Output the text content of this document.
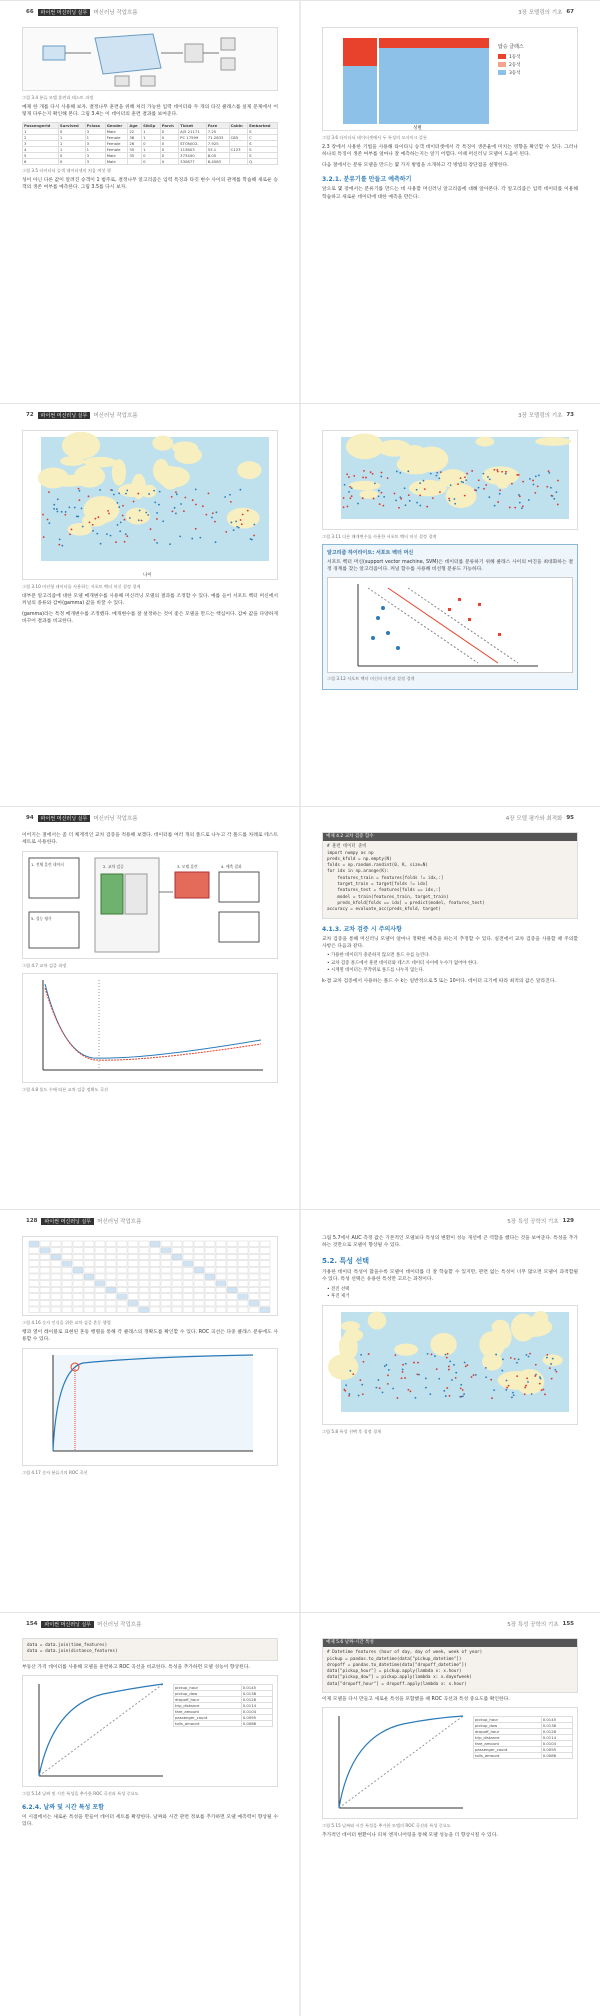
66	파이썬 머신러닝 실무	머신러닝 작업흐름
그림 3.4 분류 모델 훈련과 테스트 과정

예제 한 개를 다시 사용해 보자. 결정나무 훈련을 위해 처리 가능한 입력 데이터와 두 개의 타깃 클래스를 실제 문제에서 어떻게 다루는지 확인해 본다. 그림 3.4는 이 데이터의 훈련 결과를 보여준다.

PassengerId	Survived	Pclass	Gender	Age	SibSp	Parch	Ticket	Fare	Cabin	Embarked
1	0	3	Male	22	1	0	A/5 21171	7.25		S
2	1	1	Female	38	1	0	PC 17599	71.2833	C85	C
3	1	3	Female	26	0	0	STON/O2.	7.925		S
4	1	1	Female	35	1	0	113803	53.1	C123	S
5	0	3	Male	35	0	0	373450	8.05		S
6	0	3	Male		0	0	330877	8.4583		Q
그림 3.5 타이타닉 승객 데이터셋의 처음 여섯 행

성이 아닌 다른 값이 알려진 승객이 1 범주로, 결정나무 알고리즘은 입력 특징과 타깃 변수 사이의 관계를 학습해 새로운 승객의 생존 여부를 예측한다. 그림 3.5를 다시 보자.

3장 모델링의 기초 67
탑승 클래스
1등석
2등석
3등석
성별
그림 3.6 타이타닉 데이터셋에서 두 특징의 모자이크 플롯

2.3 장에서 사용한 기법을 사용해 타이타닉 승객 데이터셋에서 각 특징이 생존율에 미치는 영향을 확인할 수 있다. 그러나 하나의 특징이 생존 여부를 얼마나 잘 예측하는지는 알기 어렵다. 이때 머신러닝 모델이 도움이 된다.

다음 절에서는 분류 모델을 만드는 몇 가지 방법을 소개하고 각 방법의 장단점을 설명한다.

3.2.1. 분류기를 만들고 예측하기

앞으로 몇 장에서는 분류기를 만드는 데 사용할 머신러닝 알고리즘에 대해 알아본다. 각 알고리즘은 입력 데이터를 이용해 학습하고 새로운 데이터에 대한 예측을 만든다.

72	파이썬 머신러닝 실무	머신러닝 작업흐름
나이
그림 3.10 비선형 데이터를 사용하는 서포트 벡터 머신 결정 경계

대부분 알고리즘에 대한 모델 매개변수를 사용해 머신러닝 모델의 결과를 조정할 수 있다. 예를 들어 서포트 벡터 머신에서 커널의 종류와 감마(gamma) 값을 바꿀 수 있다.

(gamma)라는 특정 매개변수를 조정했다. 매개변수를 잘 설정하는 것이 좋은 모델을 만드는 핵심이다. 감마 값을 다양하게 바꾸어 결과를 비교한다.

3장 모델링의 기초 73
그림 3.11 다른 매개변수를 사용한 서포트 벡터 머신 결정 경계
알고리즘 하이라이트: 서포트 벡터 머신

서포트 벡터 머신(support vector machine, SVM)은 데이터를 분류하기 위해 클래스 사이의 마진을 최대화하는 결정 경계를 찾는 알고리즘이다. 커널 함수를 사용해 비선형 분류도 가능하다.

그림 3.12 서포트 벡터 머신의 마진과 결정 경계
94	파이썬 머신러닝 실무	머신러닝 작업흐름

이어지는 절에서는 좀 더 체계적인 교차 검증을 적용해 보겠다. 데이터를 여러 개의 폴드로 나누고 각 폴드를 차례로 테스트 세트로 사용한다.

1. 전체 훈련 데이터	2. 교차 검증	3. 모델 훈련	4. 예측 결과
5. 성능 평가
그림 4.7 교차 검증 과정
그림 4.8 폴드 수에 따른 교차 검증 정확도 곡선
4장 모델 평가와 최적화 95
예제 4.2 교차 검증 함수
# 훈련 데이터 준비
import numpy as np
preds_kfold = np.empty(N)
folds = np.random.randint(0, K, size=N)
for idx in np.arange(K):
features_train = features[folds != idx,:]
target_train = target[folds != idx]
features_test = features[folds == idx,:]
model = train(features_train, target_train)
preds_kfold[folds == idx] = predict(model, features_test)
accuracy = evaluate_acc(preds_kfold, target)
4.1.3. 교차 검증 시 주의사항

교차 검증을 통해 머신러닝 모델이 얼마나 정확한 예측을 하는지 추정할 수 있다. 실전에서 교차 검증을 사용할 때 주의할 사항은 다음과 같다.

• 가용한 데이터가 충분하지 않으면 폴드 수를 늘린다.
• 교차 검증 폴드에서 훈련 데이터와 테스트 데이터 사이에 누수가 없어야 한다.
• 시계열 데이터는 무작위로 폴드를 나누지 않는다.

k-겹 교차 검증에서 사용하는 폴드 수 k는 일반적으로 5 또는 10이다. 데이터 크기에 따라 최적의 값은 달라진다.

128	파이썬 머신러닝 실무	머신러닝 작업흐름
그림 4.16 숫자 인식을 위한 교차 검증 혼동 행렬

행과 열이 레이블로 표현된 혼동 행렬을 통해 각 클래스의 정확도를 확인할 수 있다. ROC 곡선은 다중 클래스 분류에도 사용할 수 있다.

그림 4.17 숫자 분류기의 ROC 곡선
5장 특성 공학의 기초 129

그림 5.7에서 AUC 측정 값은 기본적인 모델보다 특성의 변환이 성능 개선에 큰 역할을 했다는 것을 보여준다. 특성을 추가하는 것만으로 모델이 향상될 수 있다.

5.2. 특성 선택

가용한 데이터 특성이 많을수록 모델이 데이터를 더 잘 학습할 수 있지만, 관련 없는 특성이 너무 많으면 모델이 과적합될 수 있다. 특성 선택은 유용한 특성만 고르는 과정이다.

• 전진 선택
• 후진 제거
그림 5.8 특성 선택 후 결정 경계
154	파이썬 머신러닝 실무	머신러닝 작업흐름
data = data.join(time_features)
data = data.join(distance_features)

부동산 가격 데이터를 사용해 모델을 훈련하고 ROC 곡선을 비교한다. 특성을 추가하면 모델 성능이 향상된다.

pickup_hour	0.0145
pickup_dow	0.0138
dropoff_hour	0.0128
trip_distance	0.0114
fare_amount	0.0104
passenger_count	0.0095
tolls_amount	0.0086
그림 5.14 날짜 및 시간 특성을 추가한 ROC 곡선과 특성 중요도
6.2.4. 날짜 및 시간 특성 포함

이 시점에서는 새로운 특성을 만들어 데이터 세트를 확장한다. 날짜와 시간 관련 정보를 추가하면 모델 예측력이 향상될 수 있다.

5장 특성 공학의 기초 155
예제 5.6 날짜-시간 특성
# Datetime features (hour of day, day of week, week of year)
pickup = pandas.to_datetime(data["pickup_datetime"])
dropoff = pandas.to_datetime(data["dropoff_datetime"])
data["pickup_hour"] = pickup.apply(lambda x: x.hour)
data["pickup_dow"] = pickup.apply(lambda x: x.dayofweek)
data["dropoff_hour"] = dropoff.apply(lambda x: x.hour)

이제 모델을 다시 만들고 새로운 특성을 포함했을 때 ROC 곡선과 특성 중요도를 확인한다.

pickup_hour	0.0145
pickup_dow	0.0138
dropoff_hour	0.0128
trip_distance	0.0114
fare_amount	0.0104
passenger_count	0.0095
tolls_amount	0.0086
그림 5.15 날짜와 시간 특성을 추가한 모델의 ROC 곡선과 특성 중요도

추가적인 데이터 변환이나 피처 엔지니어링을 통해 모델 성능을 더 향상시킬 수 있다.
